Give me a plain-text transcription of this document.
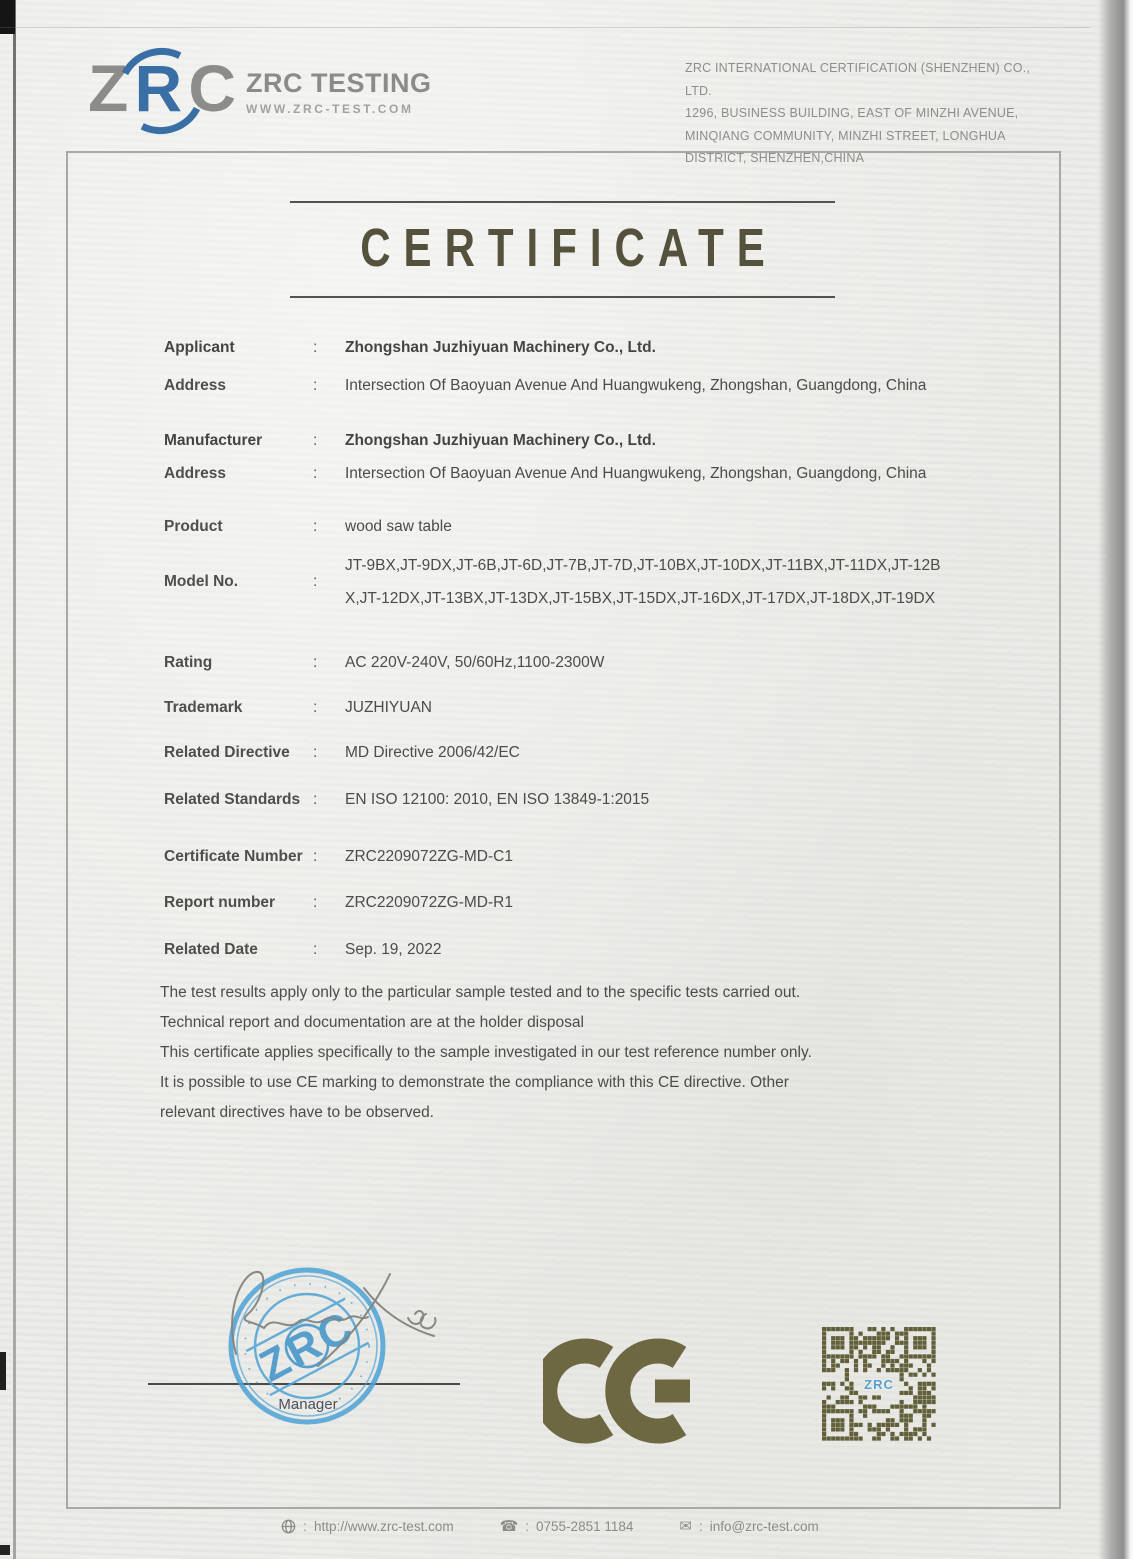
Z R C ZRC TESTING
WWW.ZRC-TEST.COM
ZRC INTERNATIONAL CERTIFICATION (SHENZHEN) CO., LTD.
1296, BUSINESS BUILDING, EAST OF MINZHI AVENUE,
MINQIANG COMMUNITY, MINZHI STREET, LONGHUA
DISTRICT, SHENZHEN,CHINA
CERTIFICATE
Applicant	:	Zhongshan Juzhiyuan Machinery Co., Ltd.
Address	:	Intersection Of Baoyuan Avenue And Huangwukeng, Zhongshan, Guangdong, China
Manufacturer	:	Zhongshan Juzhiyuan Machinery Co., Ltd.
Address	:	Intersection Of Baoyuan Avenue And Huangwukeng, Zhongshan, Guangdong, China
Product	:	wood saw table
Model No.	:
JT-9BX,JT-9DX,JT-6B,JT-6D,JT-7B,JT-7D,JT-10BX,JT-10DX,JT-11BX,JT-11DX,JT-12BX,JT-12DX,JT-13BX,JT-13DX,JT-15BX,JT-15DX,JT-16DX,JT-17DX,JT-18DX,JT-19DX
Rating	:	AC 220V-240V, 50/60Hz,1100-2300W
Trademark	:	JUZHIYUAN
Related Directive	:	MD Directive 2006/42/EC
Related Standards :	EN ISO 12100: 2010, EN ISO 13849-1:2015
Certificate Number :	ZRC2209072ZG-MD-C1
Report number	:	ZRC2209072ZG-MD-R1
Related Date	:	Sep. 19, 2022
The test results apply only to the particular sample tested and to the specific tests carried out.
Technical report and documentation are at the holder disposal
This certificate applies specifically to the sample investigated in our test reference number only.
It is possible to use CE marking to demonstrate the compliance with this CE directive. Other
relevant directives have to be observed.
Manager
ZRC	ZRC
: http://www.zrc-test.com	☎ : 0755-2851 1184	✉ : info@zrc-test.com
